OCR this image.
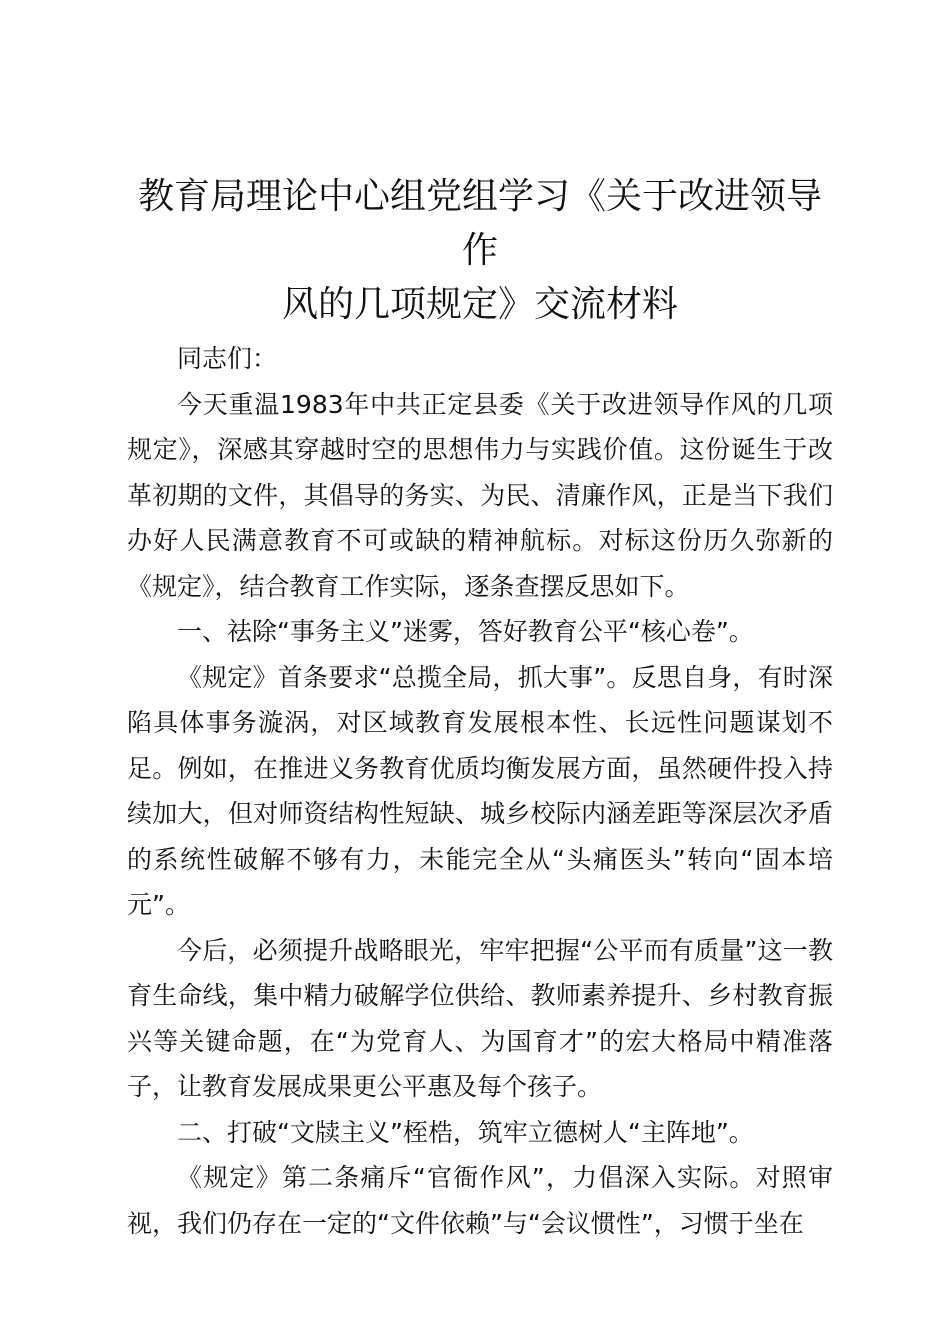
教育局理论中心组党组学习《关于改进领导作
风的几项规定》交流材料

同志们：

今天重温1983年中共正定县委《关于改进领导作风的几项规定》，深感其穿越时空的思想伟力与实践价值。这份诞生于改革初期的文件，其倡导的务实、为民、清廉作风，正是当下我们办好人民满意教育不可或缺的精神航标。对标这份历久弥新的《规定》，结合教育工作实际，逐条查摆反思如下。

一、祛除“事务主义”迷雾，答好教育公平“核心卷”。

《规定》首条要求“总揽全局，抓大事”。反思自身，有时深陷具体事务漩涡，对区域教育发展根本性、长远性问题谋划不足。例如，在推进义务教育优质均衡发展方面，虽然硬件投入持续加大，但对师资结构性短缺、城乡校际内涵差距等深层次矛盾的系统性破解不够有力，未能完全从“头痛医头”转向“固本培元”。

今后，必须提升战略眼光，牢牢把握“公平而有质量”这一教育生命线，集中精力破解学位供给、教师素养提升、乡村教育振兴等关键命题，在“为党育人、为国育才”的宏大格局中精准落子，让教育发展成果更公平惠及每个孩子。

二、打破“文牍主义”桎梏，筑牢立德树人“主阵地”。

《规定》第二条痛斥“官衙作风”，力倡深入实际。对照审视，我们仍存在一定的“文件依赖”与“会议惯性”，习惯于坐在
